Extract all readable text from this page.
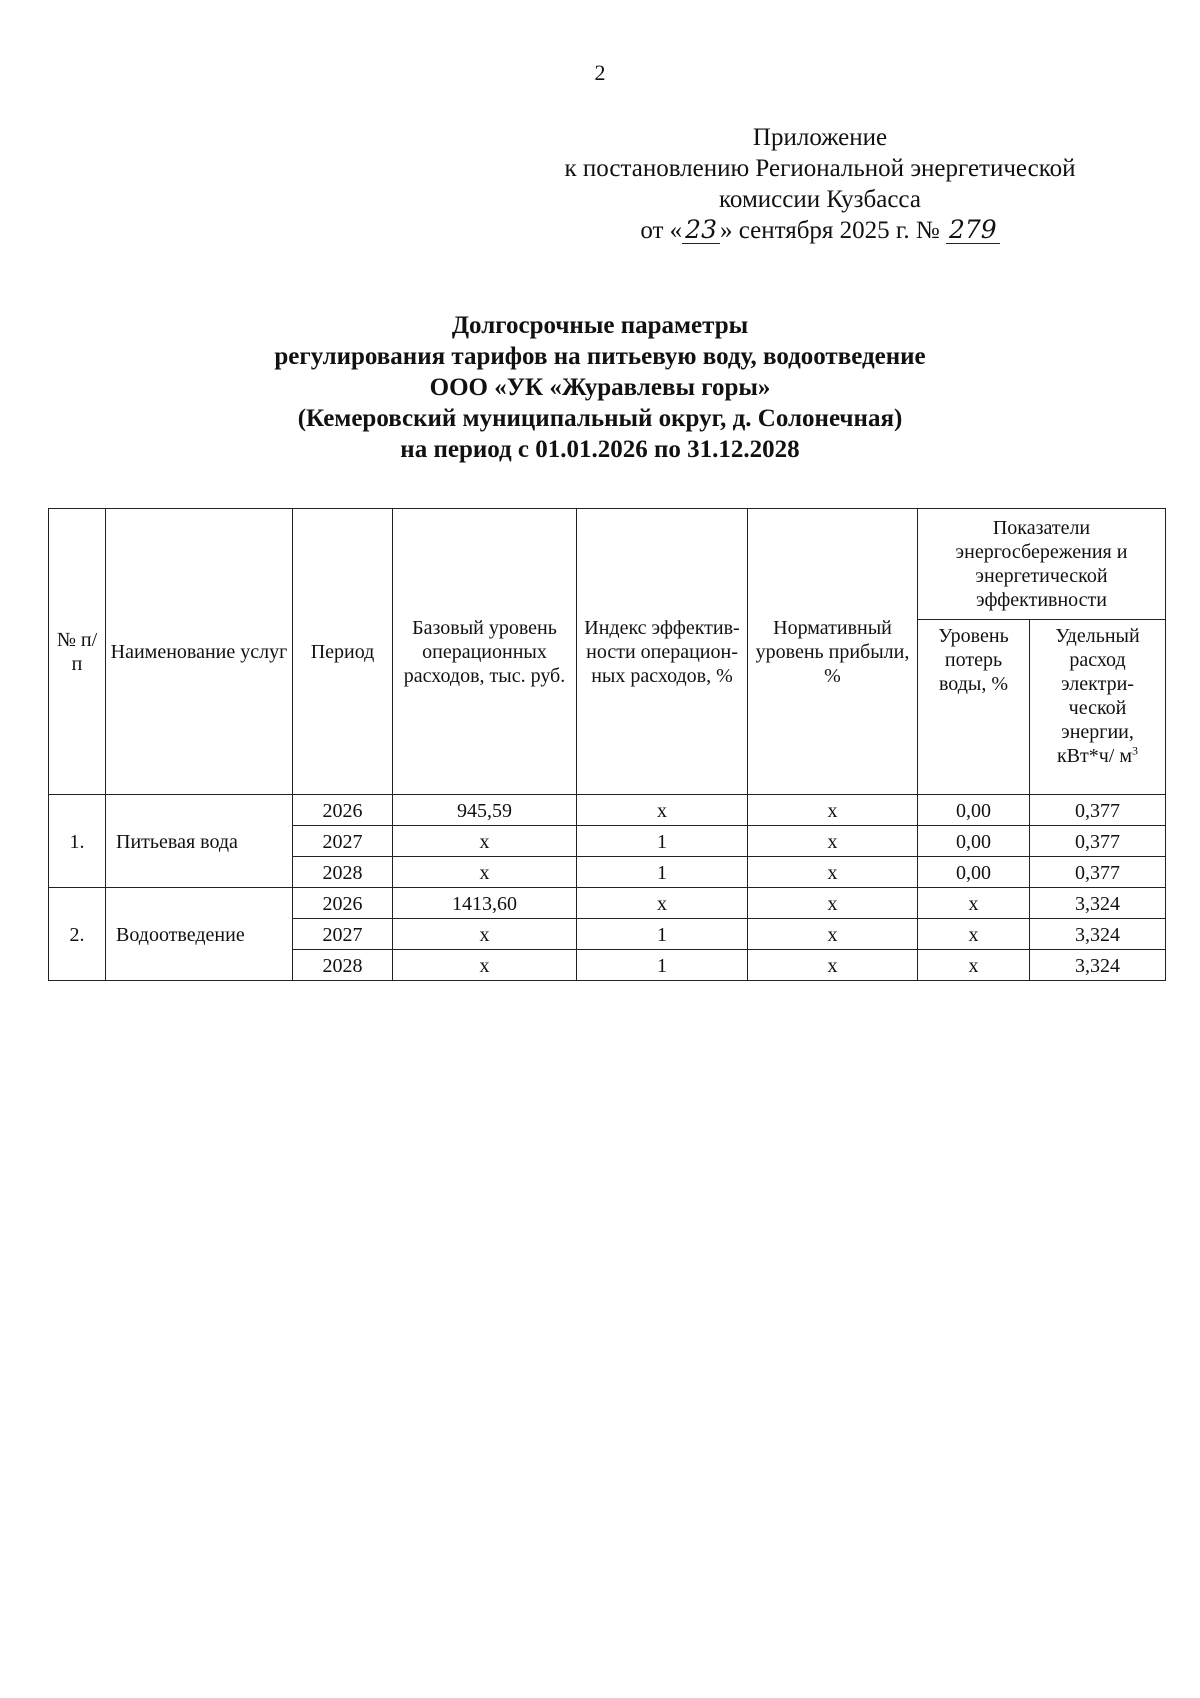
2
Приложение
к постановлению Региональной энергетической
комиссии Кузбасса
от « 23 » сентября 2025 г. № 279
Долгосрочные параметры
регулирования тарифов на питьевую воду, водоотведение
ООО «УК «Журавлевы горы»
(Кемеровский муниципальный округ, д. Солонечная)
на период с 01.01.2026 по 31.12.2028
№ п/п	Наименование услуг	Период	Базовый уровень операционных расходов, тыс. руб.	Индекс эффектив- ности операцион- ных расходов, %	Нормативный уровень прибыли, %	Показатели энергосбережения и энергетической эффективности	
						Уровень потерь воды, %	Удельный расход электри- ческой энергии, кВт*ч/ $м^3$
1.	Питьевая вода	2026	945,59	х	х	0,00	0,377
		2027	х	1	х	0,00	0,377
		2028	х	1	х	0,00	0,377
2.	Водоотведение	2026	1413,60	х	х	х	3,324
		2027	х	1	х	х	3,324
		2028	х	1	х	х	3,324
